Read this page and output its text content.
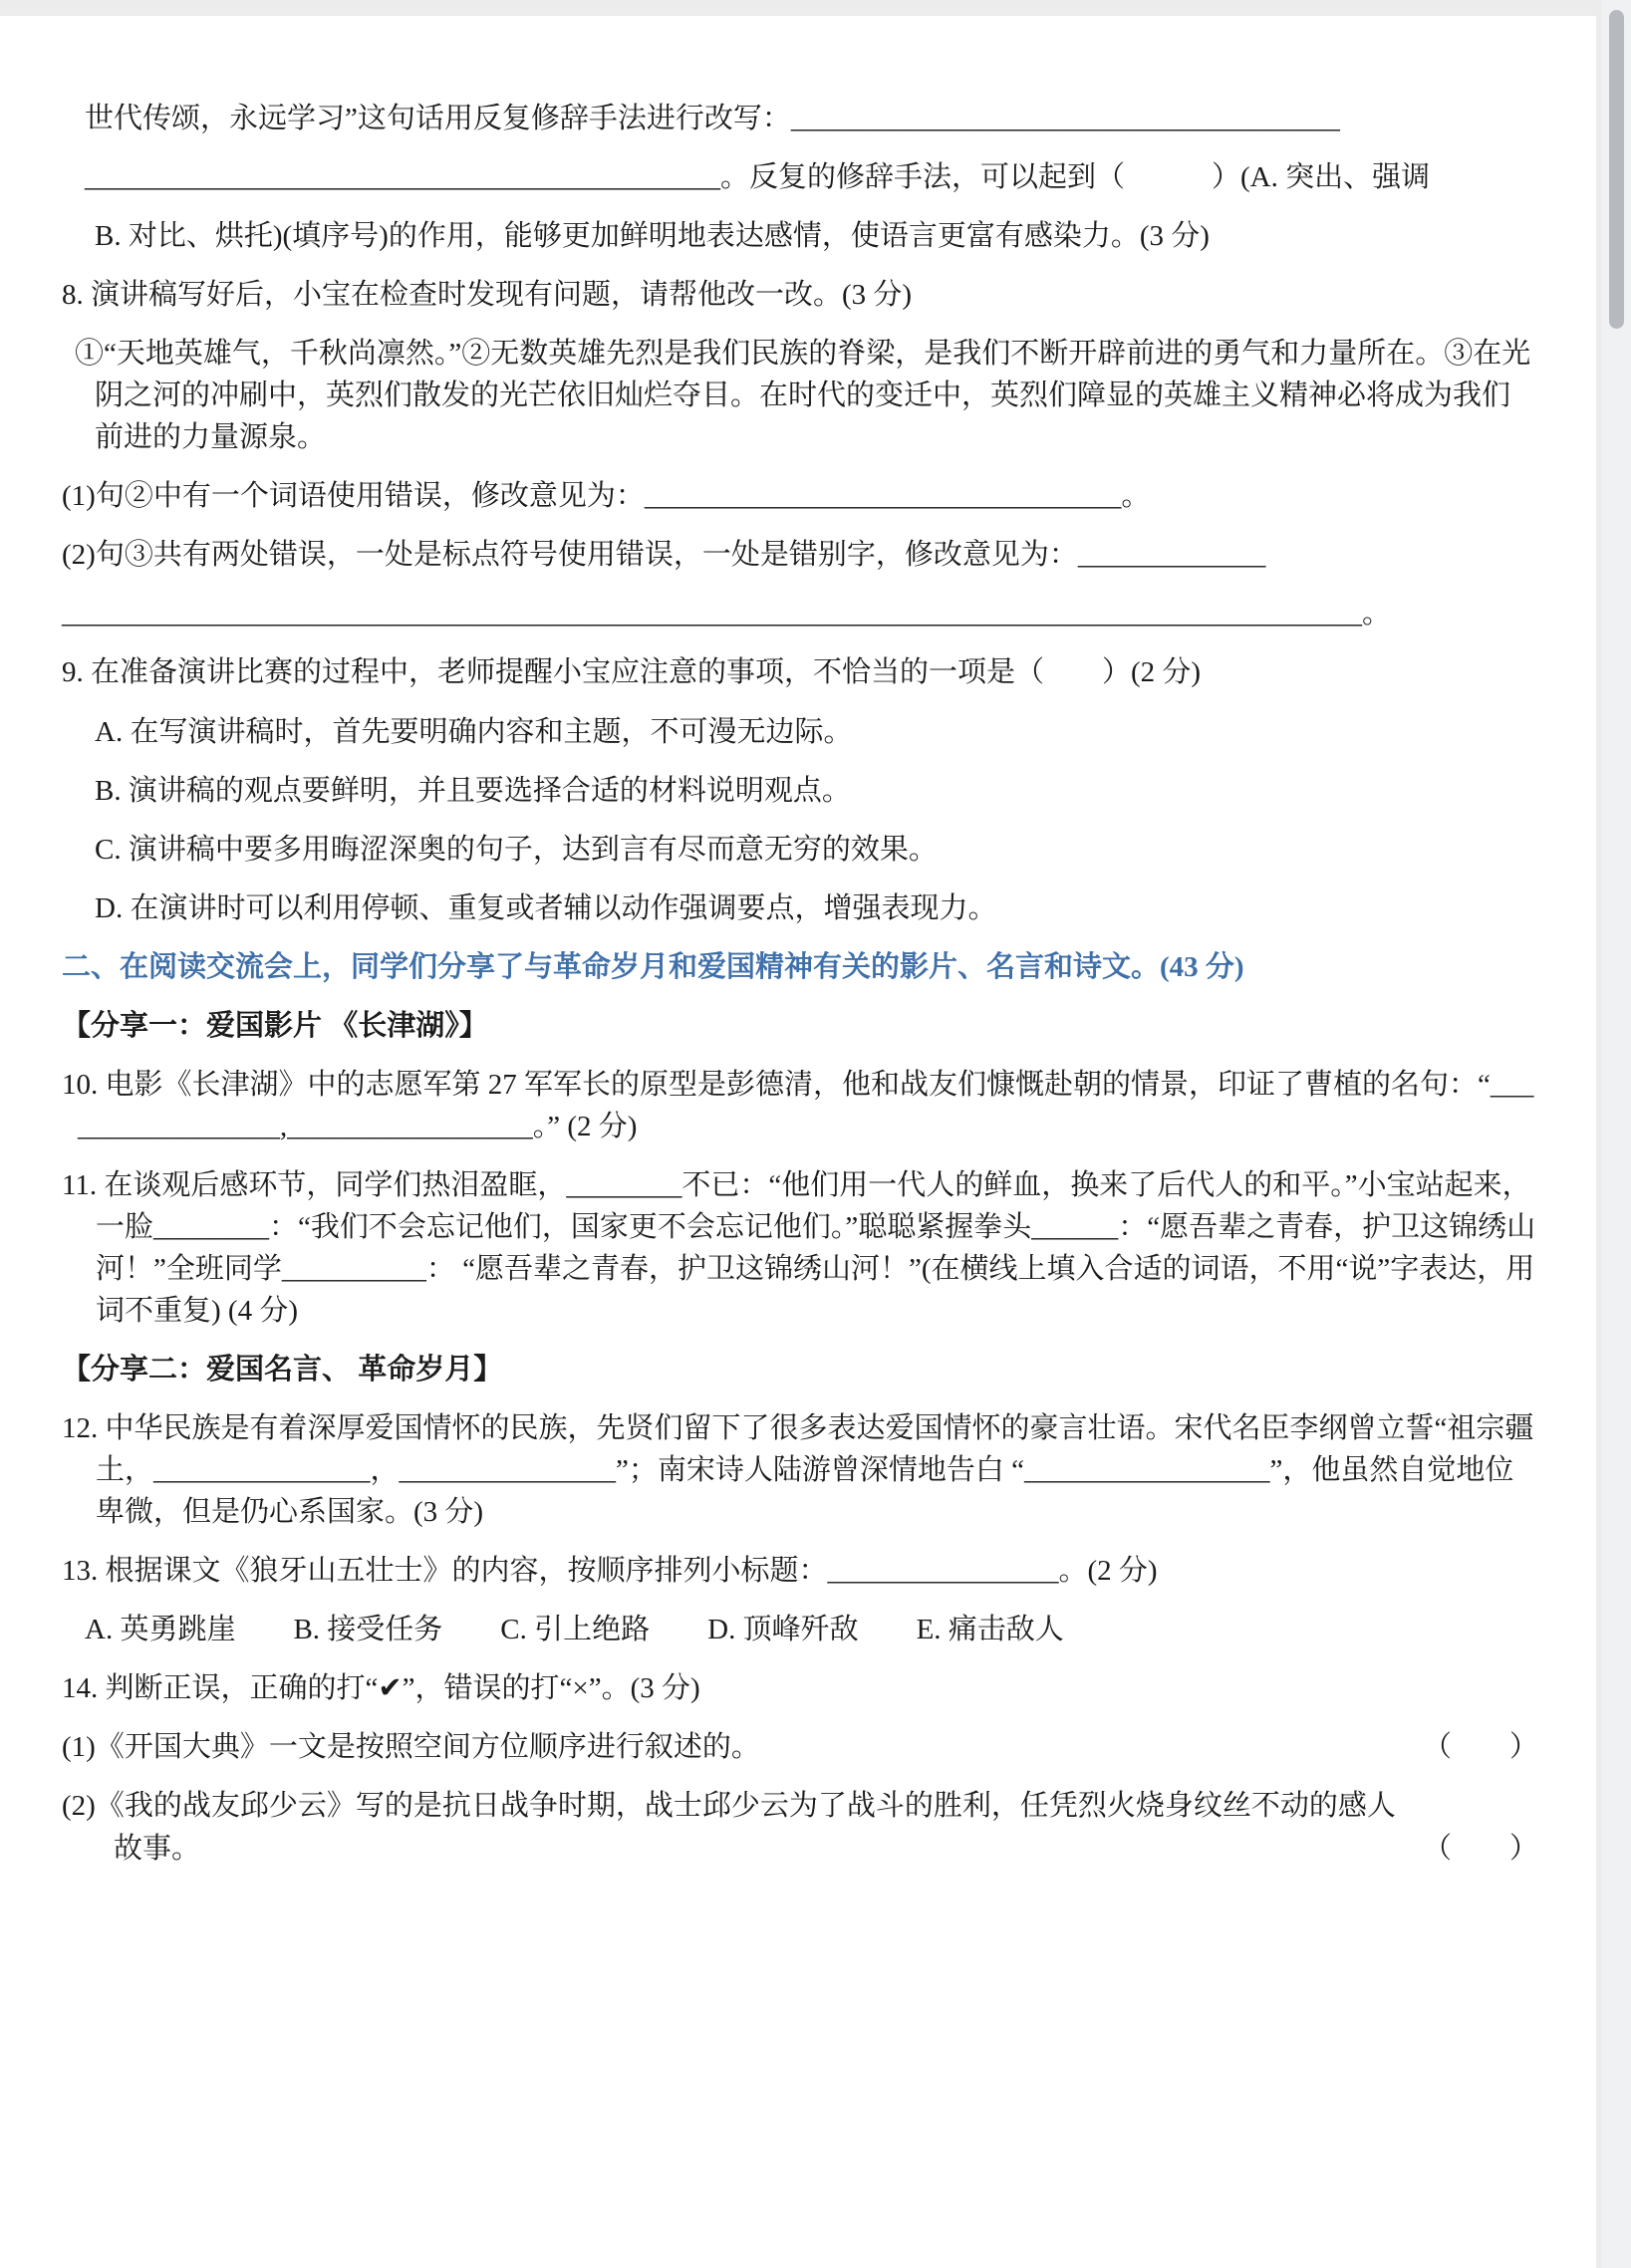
世代传颂，永远学习”这句话用反复修辞手法进行改写：______________________________________

____________________________________________。反复的修辞手法，可以起到（　　　）(A. 突出、强调

B. 对比、烘托)(填序号)的作用，能够更加鲜明地表达感情，使语言更富有感染力。(3 分)

8. 演讲稿写好后，小宝在检查时发现有问题，请帮他改一改。(3 分)

①“天地英雄气，千秋尚凛然。”②无数英雄先烈是我们民族的脊梁，是我们不断开辟前进的勇气和力量所在。③在光阴之河的冲刷中，英烈们散发的光芒依旧灿烂夺目。在时代的变迁中，英烈们障显的英雄主义精神必将成为我们前进的力量源泉。

(1)句②中有一个词语使用错误，修改意见为：_________________________________。

(2)句③共有两处错误，一处是标点符号使用错误，一处是错别字，修改意见为：_____________

__________________________________________________________________________________________。

9. 在准备演讲比赛的过程中，老师提醒小宝应注意的事项，不恰当的一项是（　　）(2 分)

A. 在写演讲稿时，首先要明确内容和主题，不可漫无边际。

B. 演讲稿的观点要鲜明，并且要选择合适的材料说明观点。

C. 演讲稿中要多用晦涩深奥的句子，达到言有尽而意无穷的效果。

D. 在演讲时可以利用停顿、重复或者辅以动作强调要点，增强表现力。

二、在阅读交流会上，同学们分享了与革命岁月和爱国精神有关的影片、名言和诗文。(43 分)

【分享一：爱国影片 《长津湖》】

10. 电影《长津湖》中的志愿军第 27 军军长的原型是彭德清，他和战友们慷慨赴朝的情景，印证了曹植的名句：“_________________,_________________。” (2 分)

11. 在谈观后感环节，同学们热泪盈眶，________不已：“他们用一代人的鲜血，换来了后代人的和平。”小宝站起来，一脸________：“我们不会忘记他们，国家更不会忘记他们。”聪聪紧握拳头______：“愿吾辈之青春，护卫这锦绣山河！”全班同学__________： “愿吾辈之青春，护卫这锦绣山河！”(在横线上填入合适的词语，不用“说”字表达，用词不重复) (4 分)

【分享二：爱国名言、 革命岁月】

12. 中华民族是有着深厚爱国情怀的民族，先贤们留下了很多表达爱国情怀的豪言壮语。宋代名臣李纲曾立誓“祖宗疆土，_______________，_______________”；南宋诗人陆游曾深情地告白 “_________________”，他虽然自觉地位卑微，但是仍心系国家。(3 分)

13. 根据课文《狼牙山五壮士》的内容，按顺序排列小标题：________________。(2 分)

A. 英勇跳崖　　B. 接受任务　　C. 引上绝路　　D. 顶峰歼敌　　E. 痛击敌人

14. 判断正误，正确的打“✔”，错误的打“×”。(3 分)

(1)《开国大典》一文是按照空间方位顺序进行叙述的。	（　　）
(2)《我的战友邱少云》写的是抗日战争时期，战士邱少云为了战斗的胜利，任凭烈火烧身纹丝不动的感人故事。	（　　）
